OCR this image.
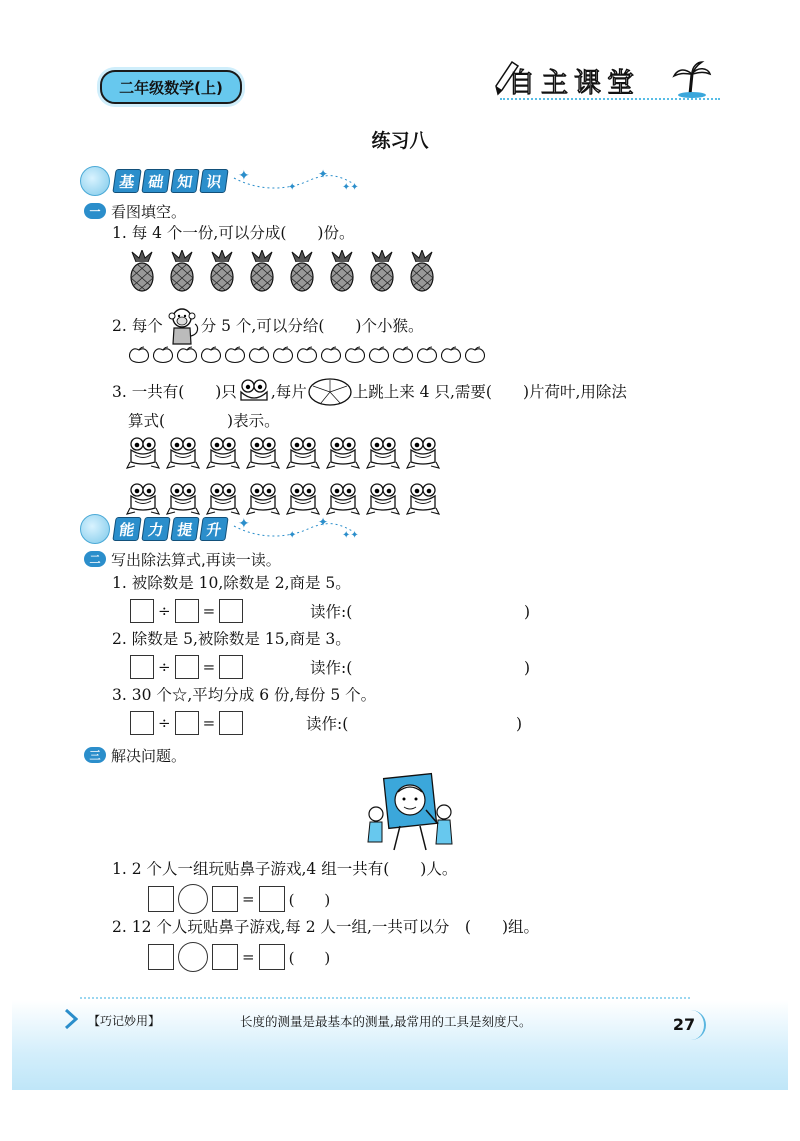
二年级数学(上)	自主课堂
练习八
基 础 知 识	✦
✦
✦
✦✦
一 看图填空。
1. 每 4 个一份,可以分成(　　)份。
2. 每个 分 5 个,可以分给(　　)个小猴。
3. 一共有(　　)只 ,每片	上跳上来 4 只,需要(　　)片荷叶,用除法
算式(　　　　)表示。
能 力 提 升	✦
✦
✦
✦✦
二 写出除法算式,再读一读。
1. 被除数是 10,除数是 2,商是 5。
÷ =	读作:(	)
2. 除数是 5,被除数是 15,商是 3。
÷ =	读作:(	)
3. 30 个☆,平均分成 6 份,每份 5 个。
÷ =	读作:(	)
三 解决问题。
1. 2 个人一组玩贴鼻子游戏,4 组一共有(　　)人。
= (　　)
2. 12 个人玩贴鼻子游戏,每 2 人一组,一共可以分　(　　)组。
= (　　)
【巧记妙用】	长度的测量是最基本的测量,最常用的工具是刻度尺。	27
